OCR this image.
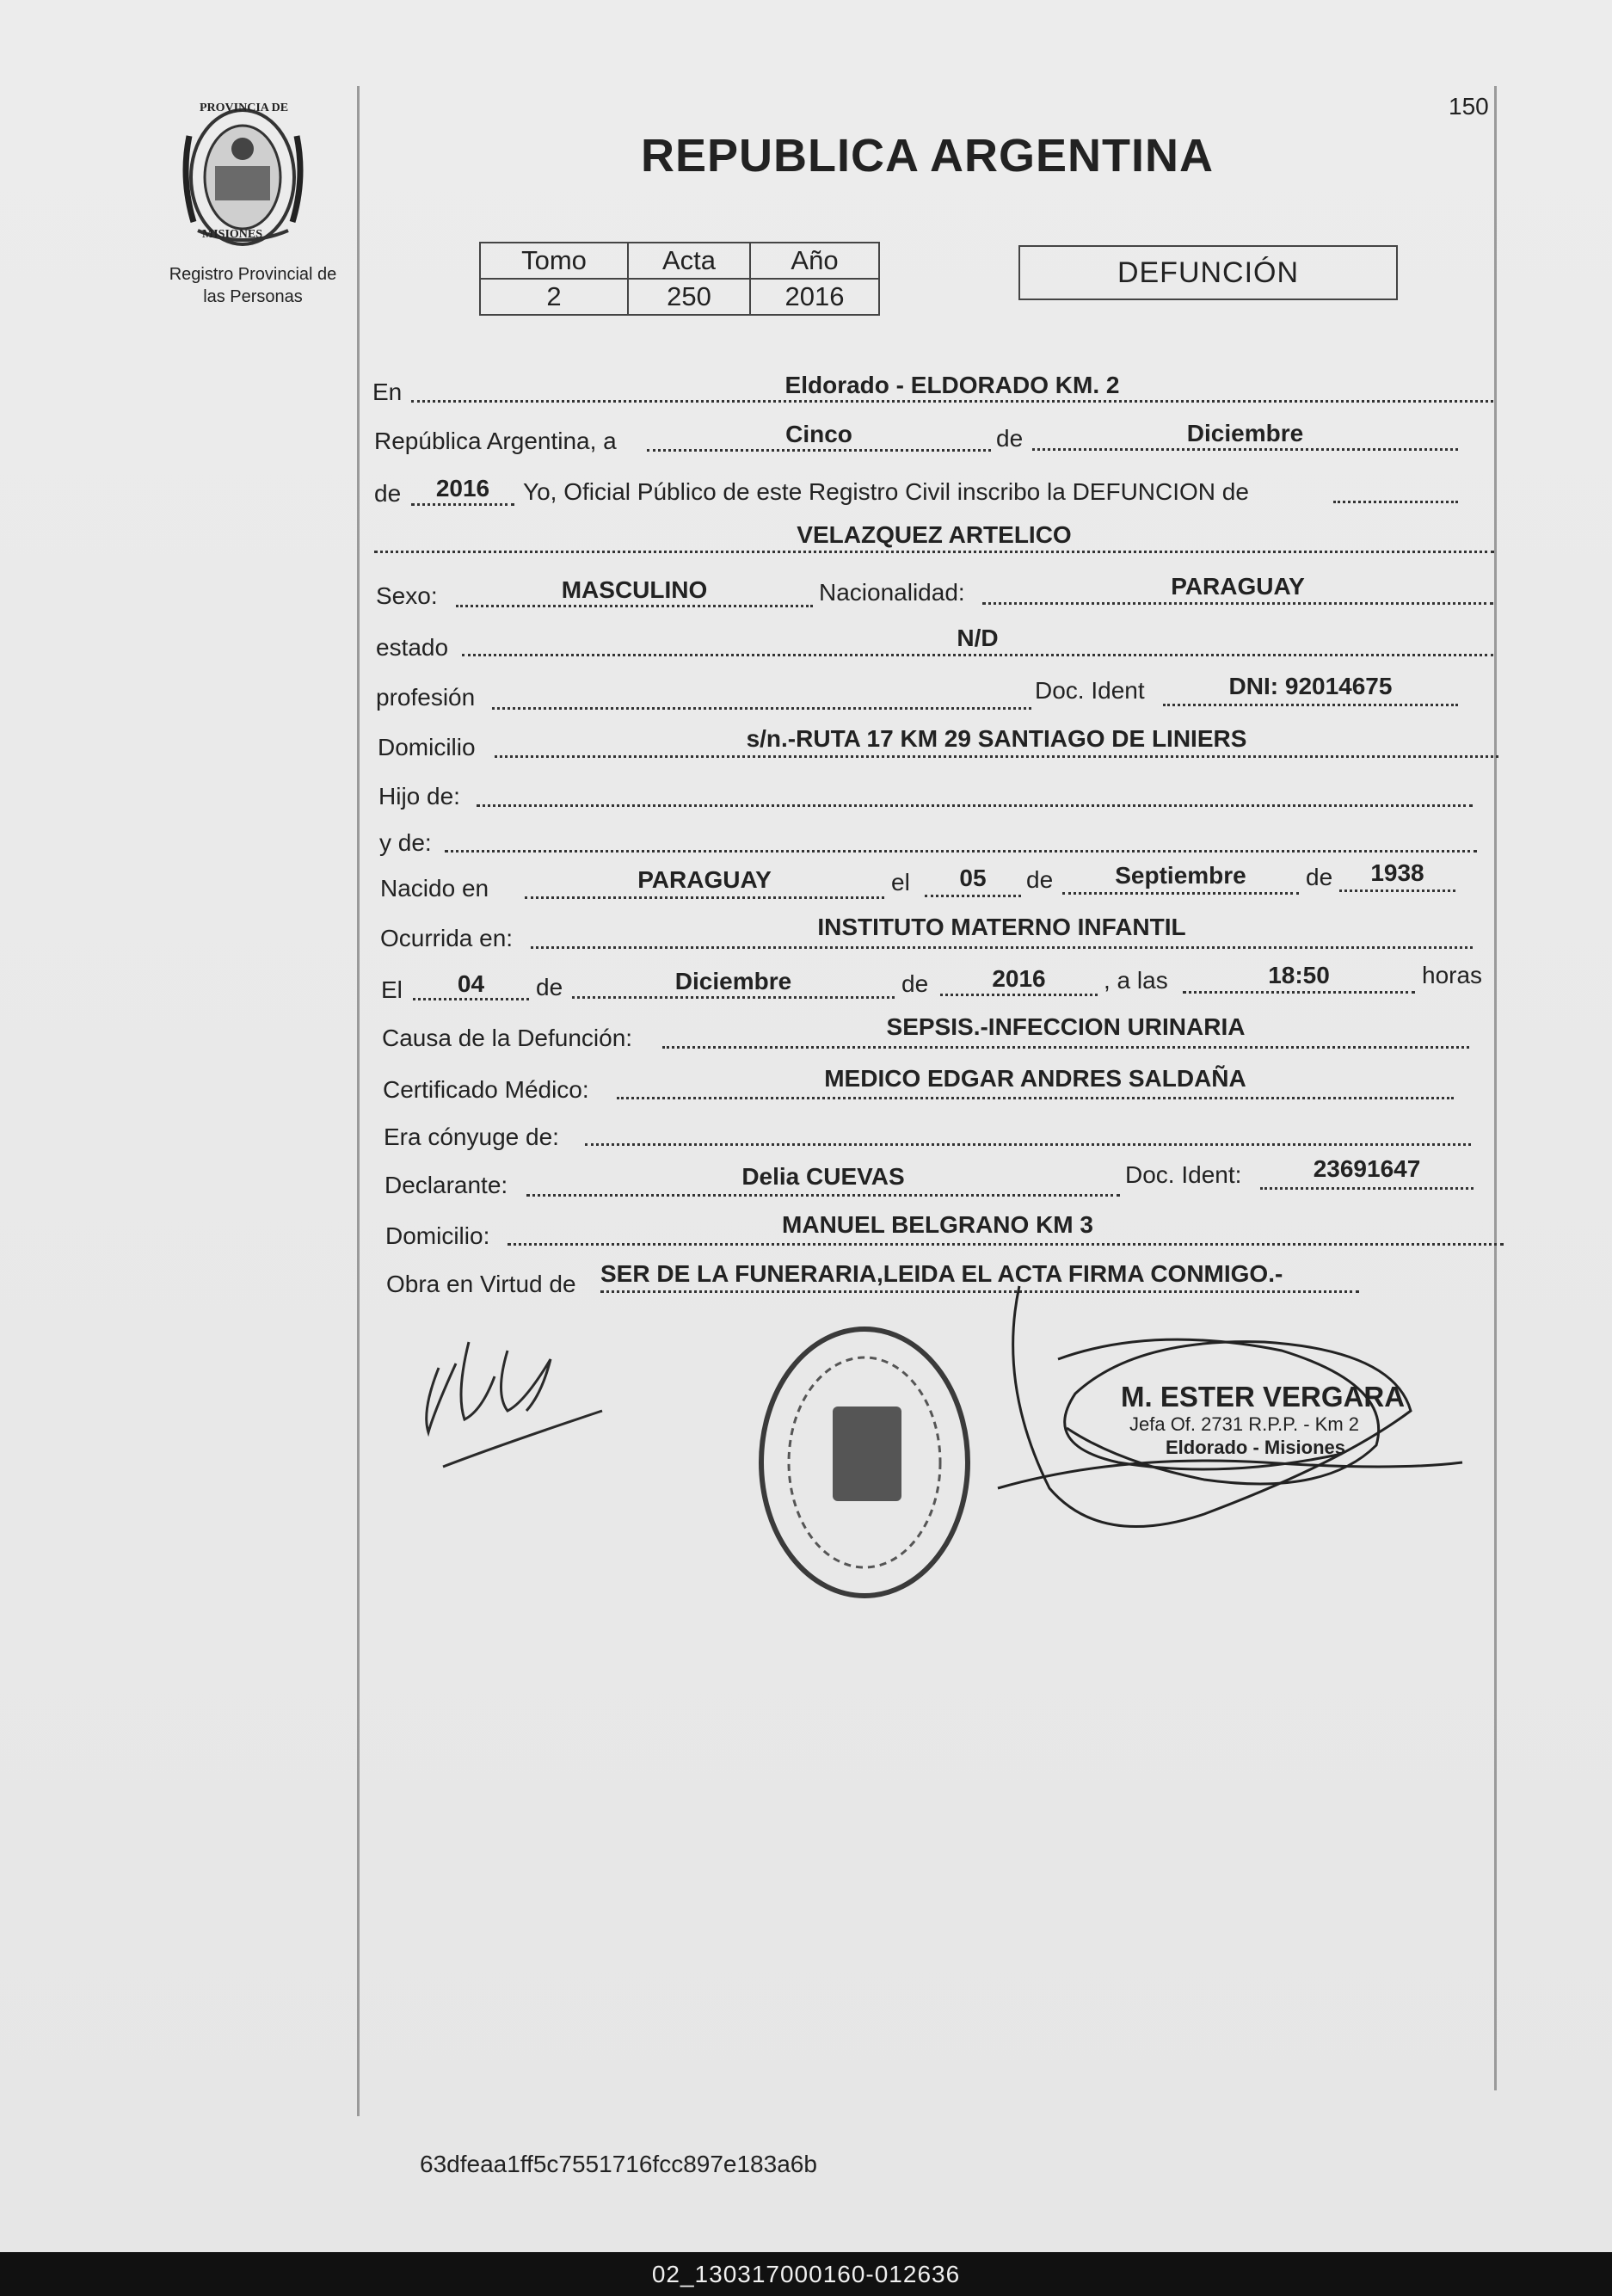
150
PROVINCIA DE
MISIONES
Registro Provincial de
las Personas
REPUBLICA ARGENTINA
Tomo	Acta	Año
2	250	2016
DEFUNCIÓN
En	Eldorado - ELDORADO KM. 2
República Argentina, a	Cinco	de	Diciembre
de	2016	Yo, Oficial Público de este Registro Civil inscribo la DEFUNCION de
VELAZQUEZ ARTELICO
Sexo:	MASCULINO	Nacionalidad:	PARAGUAY
estado	N/D
profesión	Doc. Ident	DNI: 92014675
Domicilio	s/n.-RUTA 17 KM 29 SANTIAGO DE LINIERS
Hijo de:
y de:
Nacido en	PARAGUAY	el	05	de	Septiembre	de	1938
Ocurrida en:	INSTITUTO MATERNO INFANTIL
El	04	de	Diciembre	de	2016	, a las	18:50	horas
Causa de la Defunción:	SEPSIS.-INFECCION URINARIA
Certificado Médico:	MEDICO EDGAR ANDRES SALDAÑA
Era cónyuge de:
Declarante:	Delia CUEVAS	Doc. Ident:	23691647
Domicilio:	MANUEL BELGRANO KM 3
Obra en Virtud de SER DE LA FUNERARIA,LEIDA EL ACTA FIRMA CONMIGO.-
M. ESTER VERGARA
Jefa Of. 2731 R.P.P. - Km 2
Eldorado - Misiones
63dfeaa1ff5c7551716fcc897e183a6b
02_130317000160-012636
